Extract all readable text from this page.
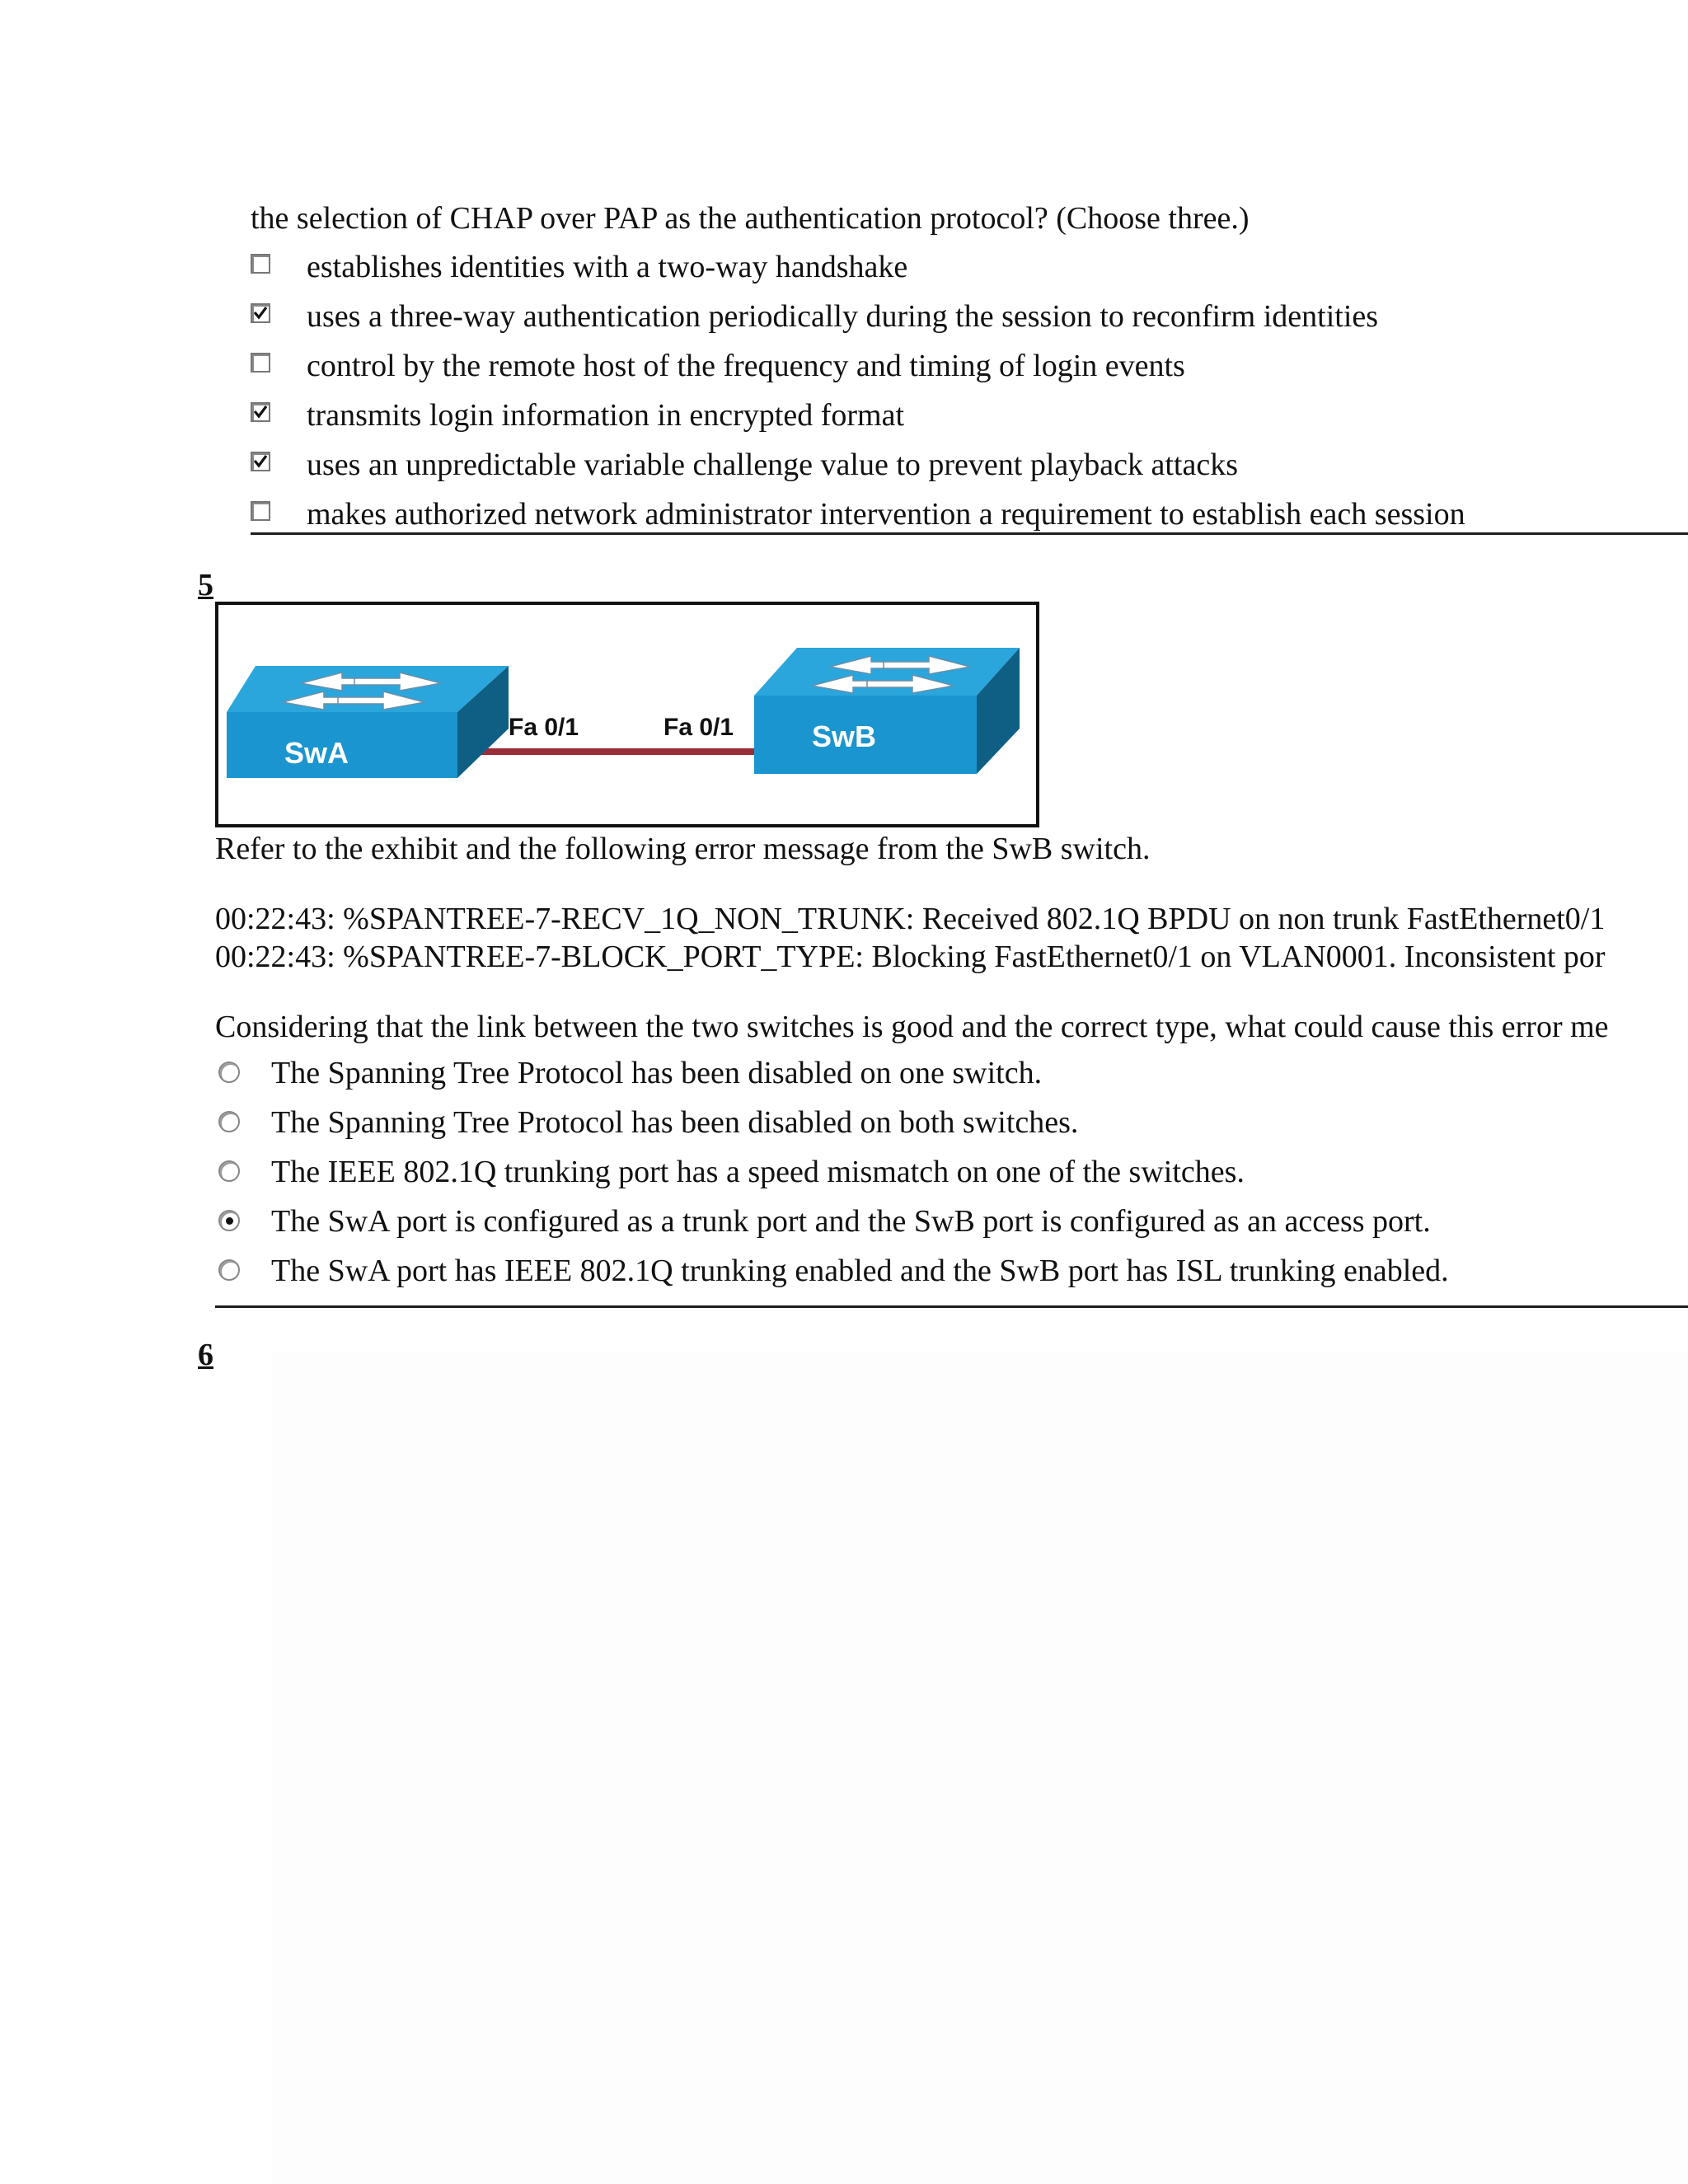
the selection of CHAP over PAP as the authentication protocol? (Choose three.)
establishes identities with a two-way handshake
uses a three-way authentication periodically during the session to reconfirm identities
control by the remote host of the frequency and timing of login events
transmits login information in encrypted format
uses an unpredictable variable challenge value to prevent playback attacks
makes authorized network administrator intervention a requirement to establish each session
5
SwA	SwB
Fa 0/1	Fa 0/1
Refer to the exhibit and the following error message from the SwB switch.
00:22:43: %SPANTREE-7-RECV_1Q_NON_TRUNK: Received 802.1Q BPDU on non trunk FastEthernet0/1
00:22:43: %SPANTREE-7-BLOCK_PORT_TYPE: Blocking FastEthernet0/1 on VLAN0001. Inconsistent por
Considering that the link between the two switches is good and the correct type, what could cause this error me
The Spanning Tree Protocol has been disabled on one switch.
The Spanning Tree Protocol has been disabled on both switches.
The IEEE 802.1Q trunking port has a speed mismatch on one of the switches.
The SwA port is configured as a trunk port and the SwB port is configured as an access port.
The SwA port has IEEE 802.1Q trunking enabled and the SwB port has ISL trunking enabled.
6
